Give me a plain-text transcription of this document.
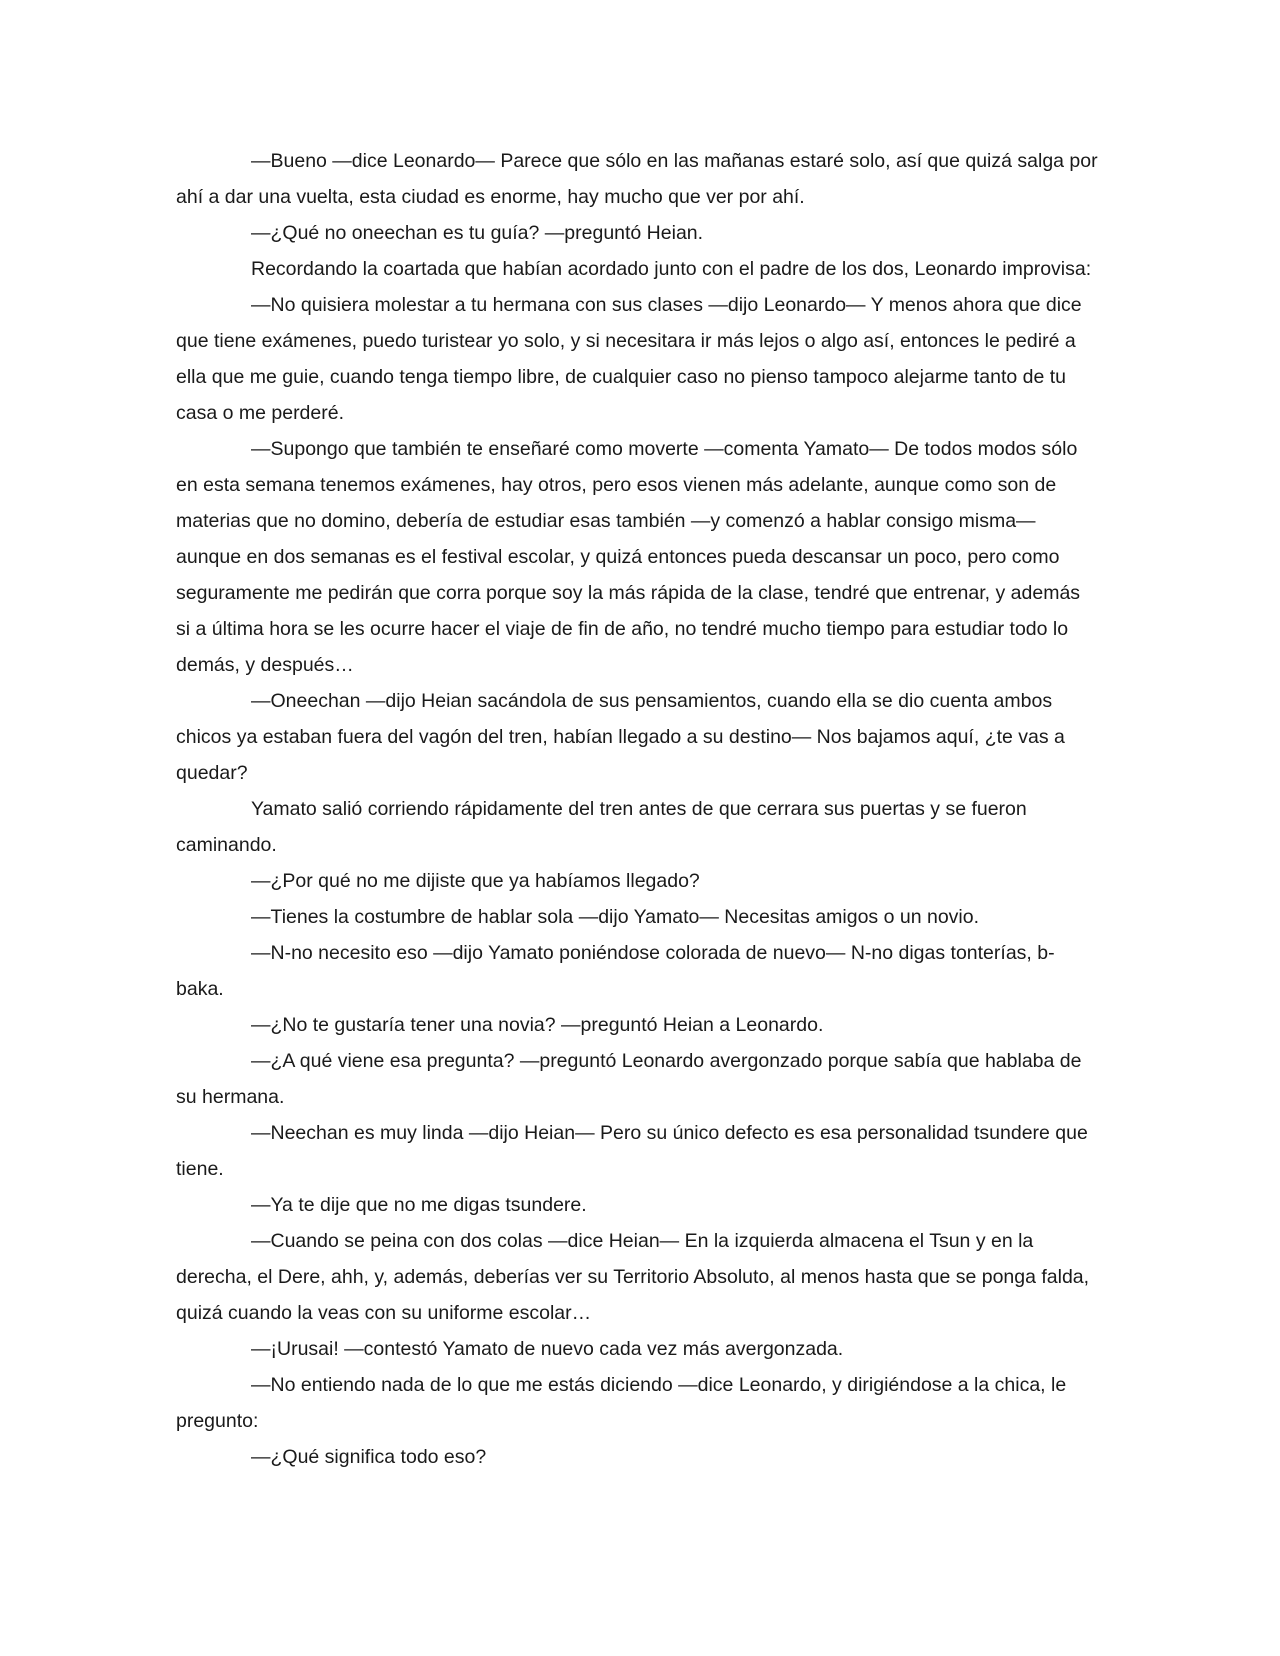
―Bueno ―dice Leonardo― Parece que sólo en las mañanas estaré solo, así que quizá salga por ahí a dar una vuelta, esta ciudad es enorme, hay mucho que ver por ahí.

―¿Qué no oneechan es tu guía? ―preguntó Heian.

Recordando la coartada que habían acordado junto con el padre de los dos, Leonardo improvisa:

―No quisiera molestar a tu hermana con sus clases ―dijo Leonardo― Y menos ahora que dice que tiene exámenes, puedo turistear yo solo, y si necesitara ir más lejos o algo así, entonces le pediré a ella que me guie, cuando tenga tiempo libre, de cualquier caso no pienso tampoco alejarme tanto de tu casa o me perderé.

―Supongo que también te enseñaré como moverte ―comenta Yamato― De todos modos sólo en esta semana tenemos exámenes, hay otros, pero esos vienen más adelante, aunque como son de materias que no domino, debería de estudiar esas también ―y comenzó a hablar consigo misma― aunque en dos semanas es el festival escolar, y quizá entonces pueda descansar un poco, pero como seguramente me pedirán que corra porque soy la más rápida de la clase, tendré que entrenar, y además si a última hora se les ocurre hacer el viaje de fin de año, no tendré mucho tiempo para estudiar todo lo demás, y después…

―Oneechan ―dijo Heian sacándola de sus pensamientos, cuando ella se dio cuenta ambos chicos ya estaban fuera del vagón del tren, habían llegado a su destino― Nos bajamos aquí, ¿te vas a quedar?

Yamato salió corriendo rápidamente del tren antes de que cerrara sus puertas y se fueron caminando.

―¿Por qué no me dijiste que ya habíamos llegado?

―Tienes la costumbre de hablar sola ―dijo Yamato― Necesitas amigos o un novio.

―N-no necesito eso ―dijo Yamato poniéndose colorada de nuevo― N-no digas tonterías, b-baka.

―¿No te gustaría tener una novia? ―preguntó Heian a Leonardo.

―¿A qué viene esa pregunta? ―preguntó Leonardo avergonzado porque sabía que hablaba de su hermana.

―Neechan es muy linda ―dijo Heian― Pero su único defecto es esa personalidad tsundere que tiene.

―Ya te dije que no me digas tsundere.

―Cuando se peina con dos colas ―dice Heian― En la izquierda almacena el Tsun y en la derecha, el Dere, ahh, y, además, deberías ver su Territorio Absoluto, al menos hasta que se ponga falda, quizá cuando la veas con su uniforme escolar…

―¡Urusai! ―contestó Yamato de nuevo cada vez más avergonzada.

―No entiendo nada de lo que me estás diciendo ―dice Leonardo, y dirigiéndose a la chica, le pregunto:

―¿Qué significa todo eso?
